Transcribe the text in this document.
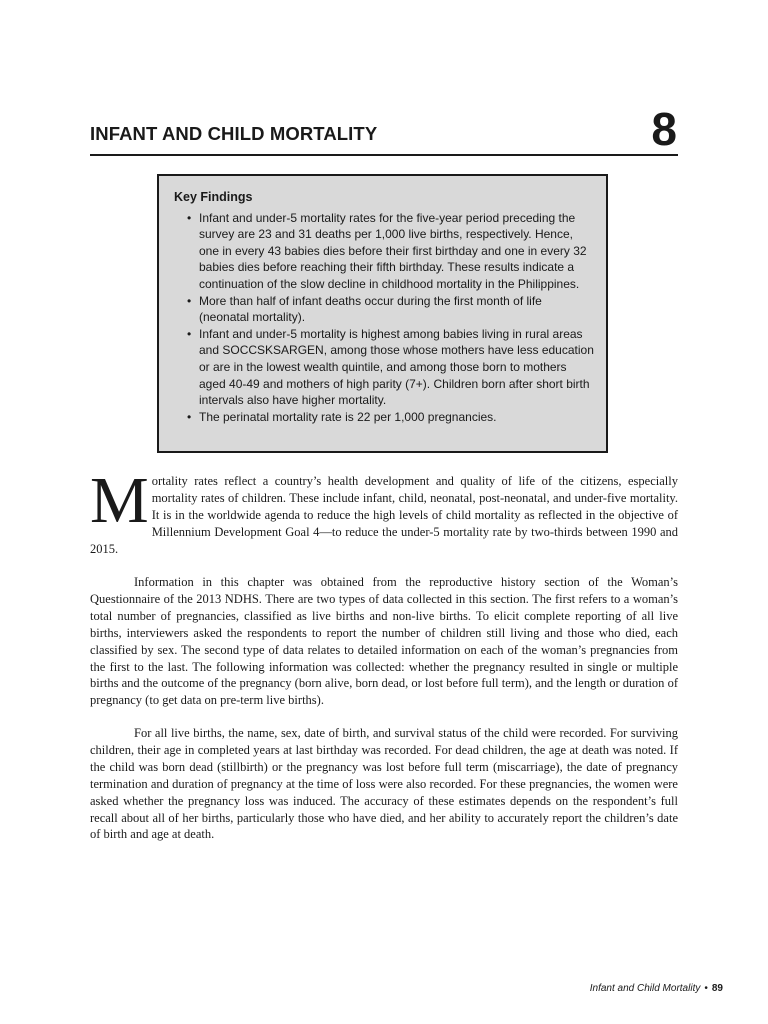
INFANT AND CHILD MORTALITY	8
Key Findings
• Infant and under-5 mortality rates for the five-year period preceding the survey are 23 and 31 deaths per 1,000 live births, respectively. Hence, one in every 43 babies dies before their first birthday and one in every 32 babies dies before reaching their fifth birthday. These results indicate a continuation of the slow decline in childhood mortality in the Philippines.
• More than half of infant deaths occur during the first month of life (neonatal mortality).
• Infant and under-5 mortality is highest among babies living in rural areas and SOCCSKSARGEN, among those whose mothers have less education or are in the lowest wealth quintile, and among those born to mothers aged 40-49 and mothers of high parity (7+). Children born after short birth intervals also have higher mortality.
• The perinatal mortality rate is 22 per 1,000 pregnancies.

Mortality rates reflect a country’s health development and quality of life of the citizens, especially mortality rates of children. These include infant, child, neonatal, post-neonatal, and under-five mortality. It is in the worldwide agenda to reduce the high levels of child mortality as reflected in the objective of Millennium Development Goal 4—to reduce the under-5 mortality rate by two-thirds between 1990 and 2015.

Information in this chapter was obtained from the reproductive history section of the Woman’s Questionnaire of the 2013 NDHS. There are two types of data collected in this section. The first refers to a woman’s total number of pregnancies, classified as live births and non-live births. To elicit complete reporting of all live births, interviewers asked the respondents to report the number of children still living and those who died, each classified by sex. The second type of data relates to detailed information on each of the woman’s pregnancies from the first to the last. The following information was collected: whether the pregnancy resulted in single or multiple births and the outcome of the pregnancy (born alive, born dead, or lost before full term), and the length or duration of pregnancy (to get data on pre-term live births).

For all live births, the name, sex, date of birth, and survival status of the child were recorded. For surviving children, their age in completed years at last birthday was recorded. For dead children, the age at death was noted. If the child was born dead (stillbirth) or the pregnancy was lost before full term (miscarriage), the date of pregnancy termination and duration of pregnancy at the time of loss were also recorded. For these pregnancies, the women were asked whether the pregnancy loss was induced. The accuracy of these estimates depends on the respondent’s full recall about all of her births, particularly those who have died, and her ability to accurately report the children’s date of birth and age at death.

Infant and Child Mortality • 89
